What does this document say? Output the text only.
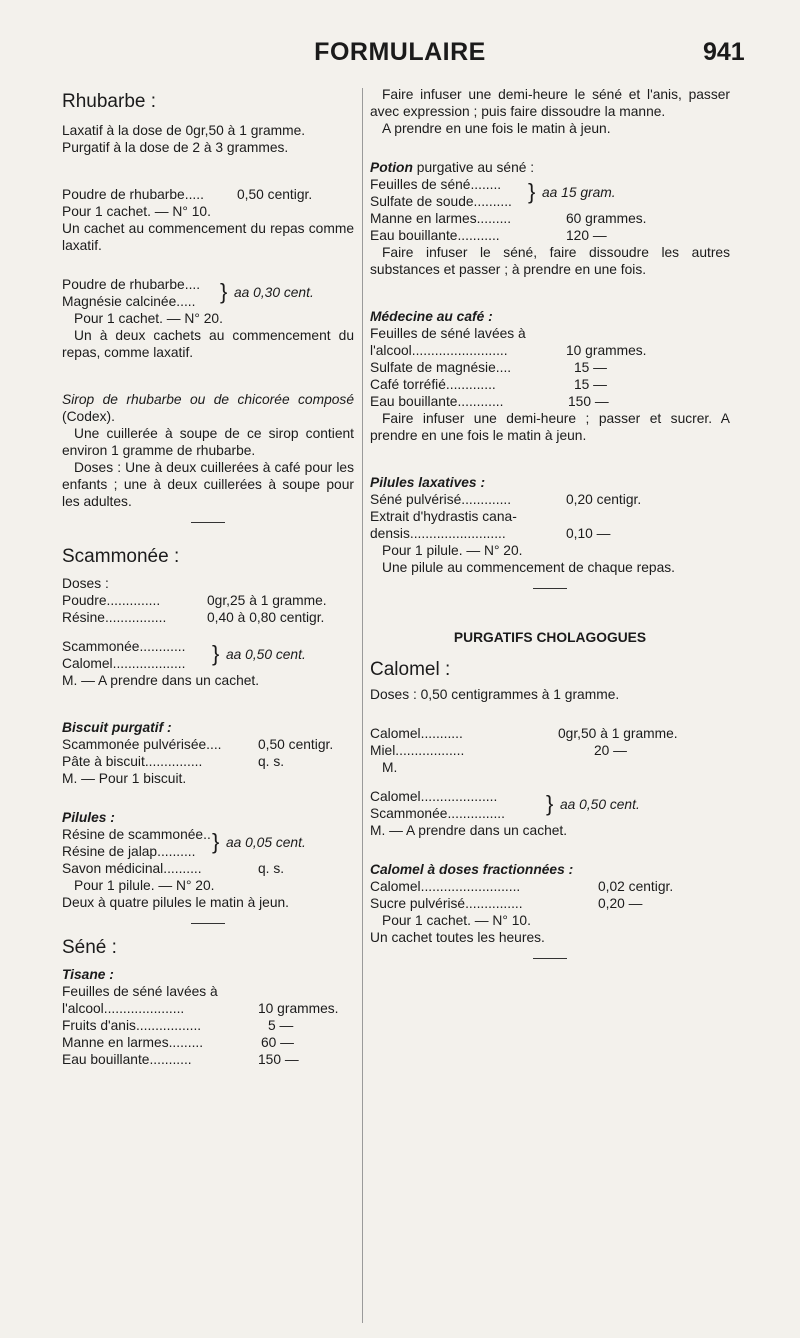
FORMULAIRE	941
Rhubarbe :
Laxatif à la dose de 0gr,50 à 1 gramme.
Purgatif à la dose de 2 à 3 grammes.
Poudre de rhubarbe..... 0,50 centigr.
Pour 1 cachet. — N° 10.
Un cachet au commencement du repas comme laxatif.
Poudre de rhubarbe....
Magnésie calcinée.....	} aa 0,30 cent.
Pour 1 cachet. — N° 20.
Un à deux cachets au commencement du repas, comme laxatif.
Sirop de rhubarbe ou de chicorée composé (Codex).
Une cuillerée à soupe de ce sirop contient environ 1 gramme de rhubarbe.
Doses : Une à deux cuillerées à café pour les enfants ; une à deux cuillerées à soupe pour les adultes.
Scammonée :
Doses :
Poudre..............	0gr,25 à 1 gramme.
Résine................	0,40 à 0,80 centigr.
Scammonée............
Calomel...................	} aa 0,50 cent.
M. — A prendre dans un cachet.
Biscuit purgatif :
Scammonée pulvérisée....	0,50 centigr.
Pâte à biscuit...............	q. s.
M. — Pour 1 biscuit.
Pilules :
Résine de scammonée..
Résine de jalap.......... } aa 0,05 cent.
Savon médicinal..........	q. s.
Pour 1 pilule. — N° 20.
Deux à quatre pilules le matin à jeun.
Séné :
Tisane :
Feuilles de séné lavées à
l'alcool.....................	10 grammes.
Fruits d'anis.................	5 —
Manne en larmes.........	60 —
Eau bouillante...........	150 —
Faire infuser une demi-heure le séné et l'anis, passer avec expression ; puis faire dissoudre la manne.
A prendre en une fois le matin à jeun.
Potion purgative au séné :
Feuilles de séné........
Sulfate de soude.......... } aa 15 gram.
Manne en larmes.........	60 grammes.
Eau bouillante...........	120 —
Faire infuser le séné, faire dissoudre les autres substances et passer ; à prendre en une fois.
Médecine au café :
Feuilles de séné lavées à
l'alcool.........................	10 grammes.
Sulfate de magnésie....	15 —
Café torréfié.............	15 —
Eau bouillante............	150 —
Faire infuser une demi-heure ; passer et sucrer. A prendre en une fois le matin à jeun.
Pilules laxatives :
Séné pulvérisé.............	0,20 centigr.
Extrait d'hydrastis cana-
densis.........................	0,10 —
Pour 1 pilule. — N° 20.
Une pilule au commencement de chaque repas.
PURGATIFS CHOLAGOGUES
Calomel :
Doses : 0,50 centigrammes à 1 gramme.
Calomel...........	0gr,50 à 1 gramme.
Miel..................	20 —
M.
Calomel....................
Scammonée...............	} aa 0,50 cent.
M. — A prendre dans un cachet.
Calomel à doses fractionnées :
Calomel..........................	0,02 centigr.
Sucre pulvérisé...............	0,20 —
Pour 1 cachet. — N° 10.
Un cachet toutes les heures.
